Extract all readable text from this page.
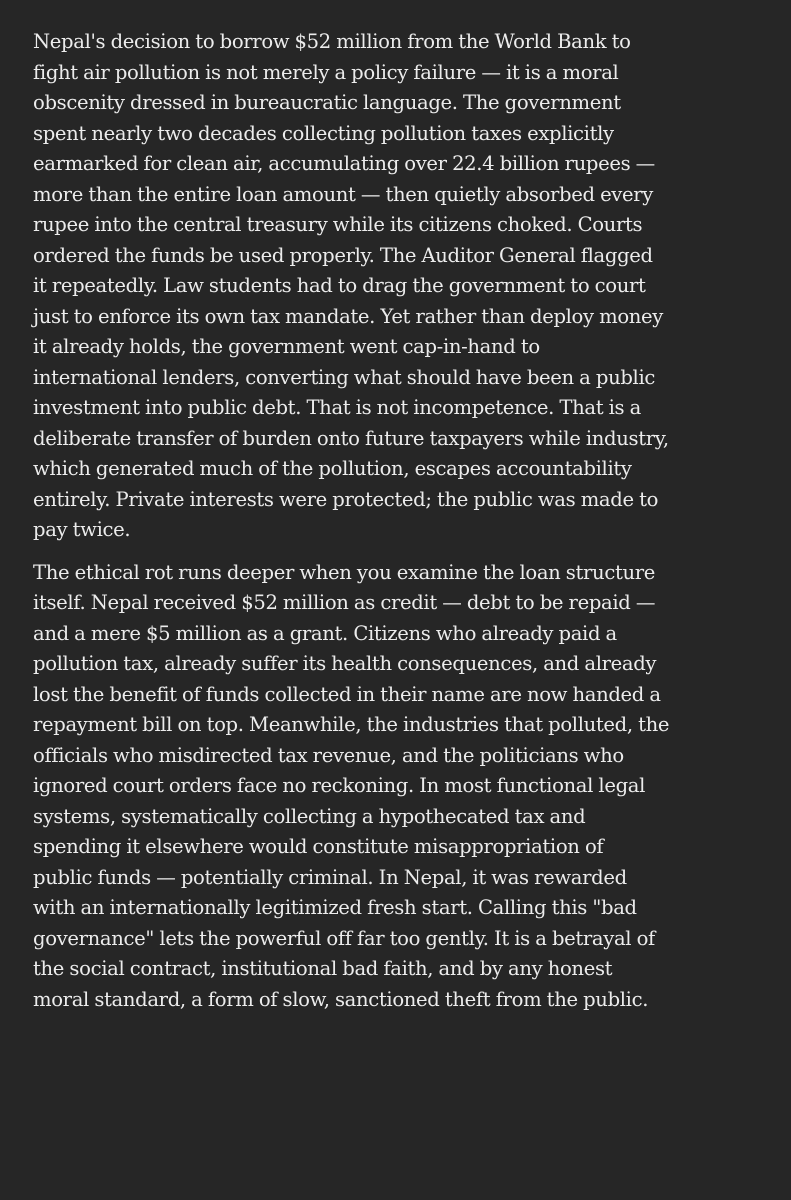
Nepal's decision to borrow $52 million from the World Bank to
fight air pollution is not merely a policy failure — it is a moral
obscenity dressed in bureaucratic language. The government
spent nearly two decades collecting pollution taxes explicitly
earmarked for clean air, accumulating over 22.4 billion rupees —
more than the entire loan amount — then quietly absorbed every
rupee into the central treasury while its citizens choked. Courts
ordered the funds be used properly. The Auditor General flagged
it repeatedly. Law students had to drag the government to court
just to enforce its own tax mandate. Yet rather than deploy money
it already holds, the government went cap-in-hand to
international lenders, converting what should have been a public
investment into public debt. That is not incompetence. That is a
deliberate transfer of burden onto future taxpayers while industry,
which generated much of the pollution, escapes accountability
entirely. Private interests were protected; the public was made to
pay twice.

The ethical rot runs deeper when you examine the loan structure
itself. Nepal received $52 million as credit — debt to be repaid —
and a mere $5 million as a grant. Citizens who already paid a
pollution tax, already suffer its health consequences, and already
lost the benefit of funds collected in their name are now handed a
repayment bill on top. Meanwhile, the industries that polluted, the
officials who misdirected tax revenue, and the politicians who
ignored court orders face no reckoning. In most functional legal
systems, systematically collecting a hypothecated tax and
spending it elsewhere would constitute misappropriation of
public funds — potentially criminal. In Nepal, it was rewarded
with an internationally legitimized fresh start. Calling this "bad
governance" lets the powerful off far too gently. It is a betrayal of
the social contract, institutional bad faith, and by any honest
moral standard, a form of slow, sanctioned theft from the public.
